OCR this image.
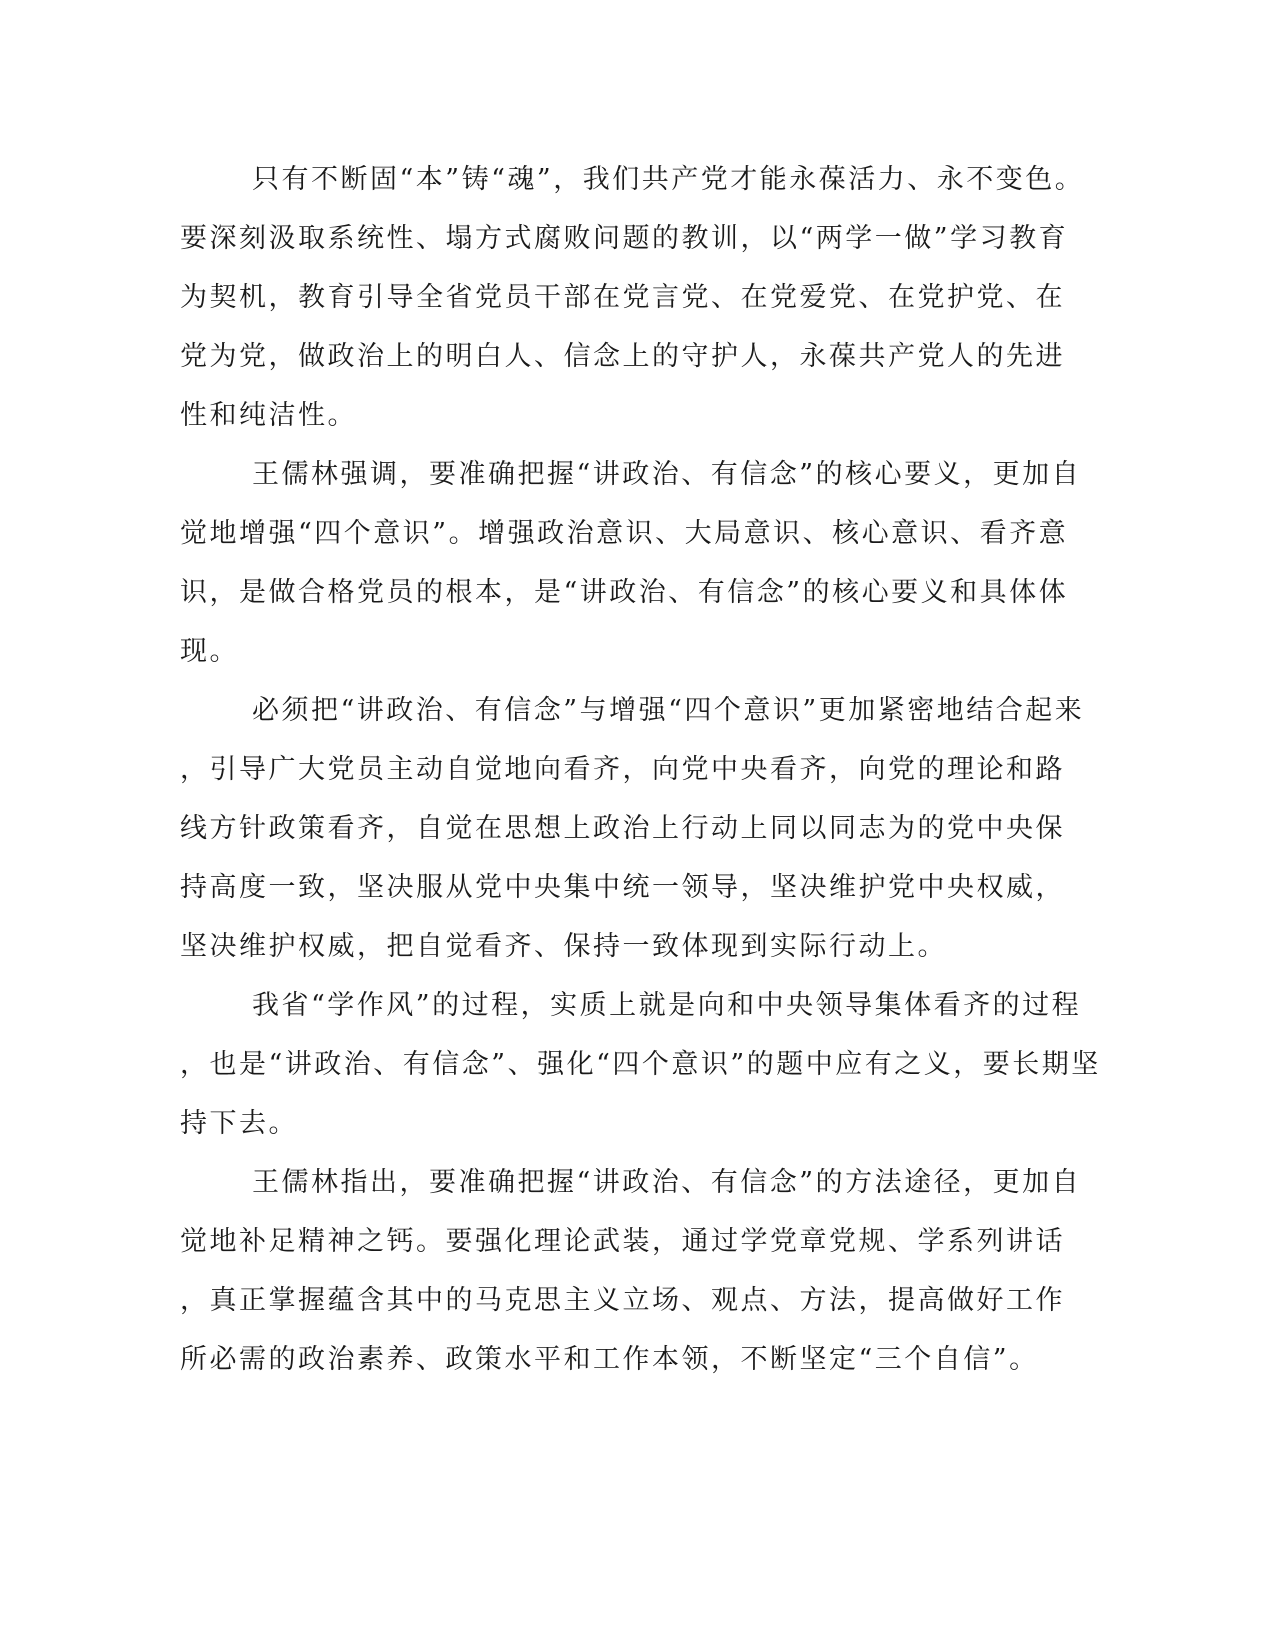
只有不断固“本”铸“魂”，我们共产党才能永葆活力、永不变色。
要深刻汲取系统性、塌方式腐败问题的教训，以“两学一做”学习教育
为契机，教育引导全省党员干部在党言党、在党爱党、在党护党、在
党为党，做政治上的明白人、信念上的守护人，永葆共产党人的先进
性和纯洁性。
王儒林强调，要准确把握“讲政治、有信念”的核心要义，更加自
觉地增强“四个意识”。增强政治意识、大局意识、核心意识、看齐意
识，是做合格党员的根本，是“讲政治、有信念”的核心要义和具体体
现。
必须把“讲政治、有信念”与增强“四个意识”更加紧密地结合起来
，引导广大党员主动自觉地向看齐，向党中央看齐，向党的理论和路
线方针政策看齐，自觉在思想上政治上行动上同以同志为的党中央保
持高度一致，坚决服从党中央集中统一领导，坚决维护党中央权威，
坚决维护权威，把自觉看齐、保持一致体现到实际行动上。
我省“学作风”的过程，实质上就是向和中央领导集体看齐的过程
，也是“讲政治、有信念”、强化“四个意识”的题中应有之义，要长期坚
持下去。
王儒林指出，要准确把握“讲政治、有信念”的方法途径，更加自
觉地补足精神之钙。要强化理论武装，通过学党章党规、学系列讲话
，真正掌握蕴含其中的马克思主义立场、观点、方法，提高做好工作
所必需的政治素养、政策水平和工作本领，不断坚定“三个自信”。
